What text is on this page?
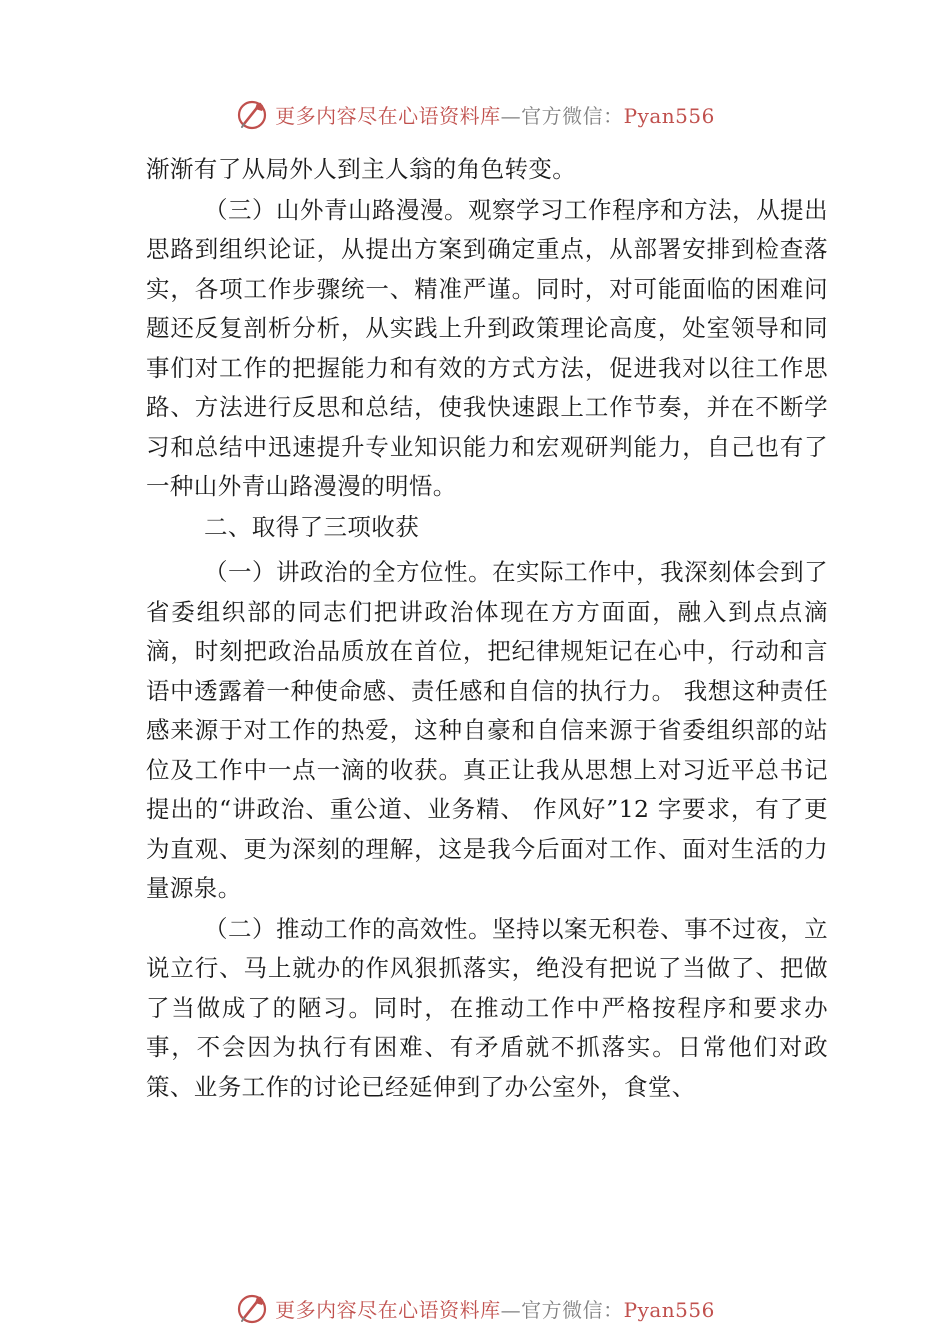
更多内容尽在心语资料库—官方微信：Pyan556

渐渐有了从局外人到主人翁的角色转变。

（三）山外青山路漫漫。观察学习工作程序和方法，从提出思路到组织论证，从提出方案到确定重点，从部署安排到检查落实，各项工作步骤统一、精准严谨。同时，对可能面临的困难问题还反复剖析分析，从实践上升到政策理论高度，处室领导和同事们对工作的把握能力和有效的方式方法，促进我对以往工作思路、方法进行反思和总结，使我快速跟上工作节奏，并在不断学习和总结中迅速提升专业知识能力和宏观研判能力，自己也有了一种山外青山路漫漫的明悟。

二、取得了三项收获

（一）讲政治的全方位性。在实际工作中，我深刻体会到了省委组织部的同志们把讲政治体现在方方面面，融入到点点滴滴，时刻把政治品质放在首位，把纪律规矩记在心中，行动和言语中透露着一种使命感、责任感和自信的执行力。 我想这种责任感来源于对工作的热爱，这种自豪和自信来源于省委组织部的站位及工作中一点一滴的收获。真正让我从思想上对习近平总书记提出的“讲政治、重公道、业务精、 作风好”12 字要求，有了更为直观、更为深刻的理解，这是我今后面对工作、面对生活的力量源泉。

（二）推动工作的高效性。坚持以案无积卷、事不过夜，立说立行、马上就办的作风狠抓落实，绝没有把说了当做了、把做了当做成了的陋习。同时，在推动工作中严格按程序和要求办事，不会因为执行有困难、有矛盾就不抓落实。日常他们对政策、业务工作的讨论已经延伸到了办公室外，食堂、

更多内容尽在心语资料库—官方微信：Pyan556
